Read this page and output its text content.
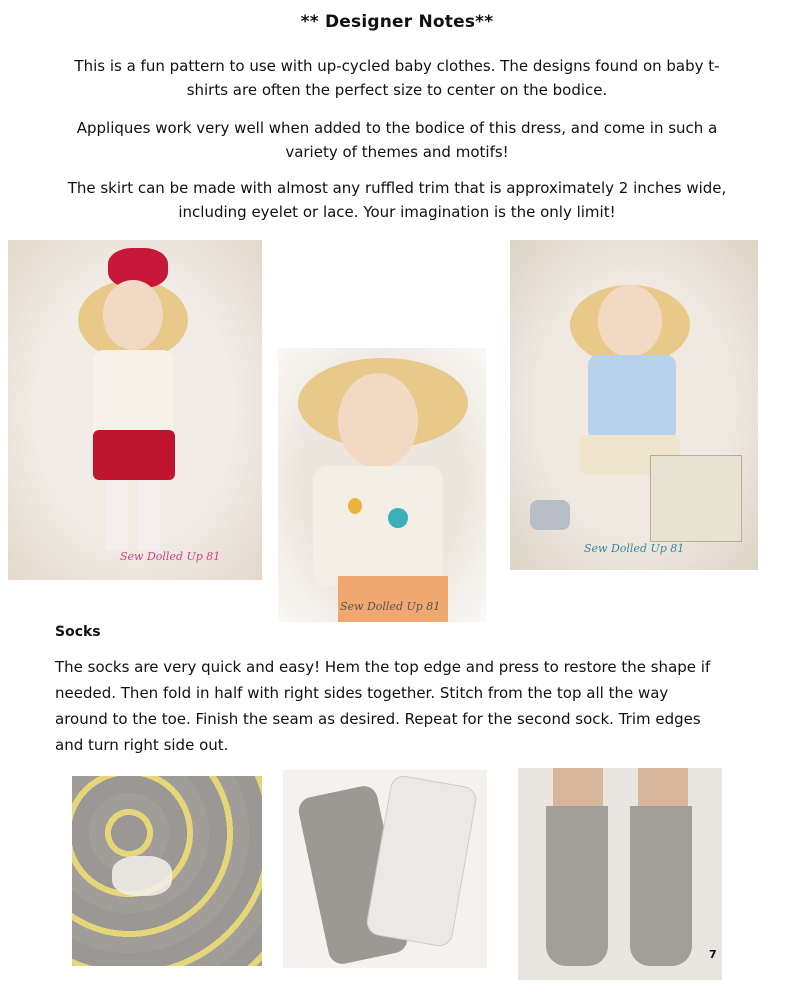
** Designer Notes**
This is a fun pattern to use with up-cycled baby clothes. The designs found on baby t-shirts are often the perfect size to center on the bodice.
Appliques work very well when added to the bodice of this dress, and come in such a variety of themes and motifs!
The skirt can be made with almost any ruffled trim that is approximately 2 inches wide, including eyelet or lace. Your imagination is the only limit!
Sew Dolled Up 81
Sew Dolled Up 81
Sew Dolled Up 81
Socks
The socks are very quick and easy! Hem the top edge and press to restore the shape if needed. Then fold in half with right sides together. Stitch from the top all the way around to the toe. Finish the seam as desired. Repeat for the second sock. Trim edges and turn right side out.
7
